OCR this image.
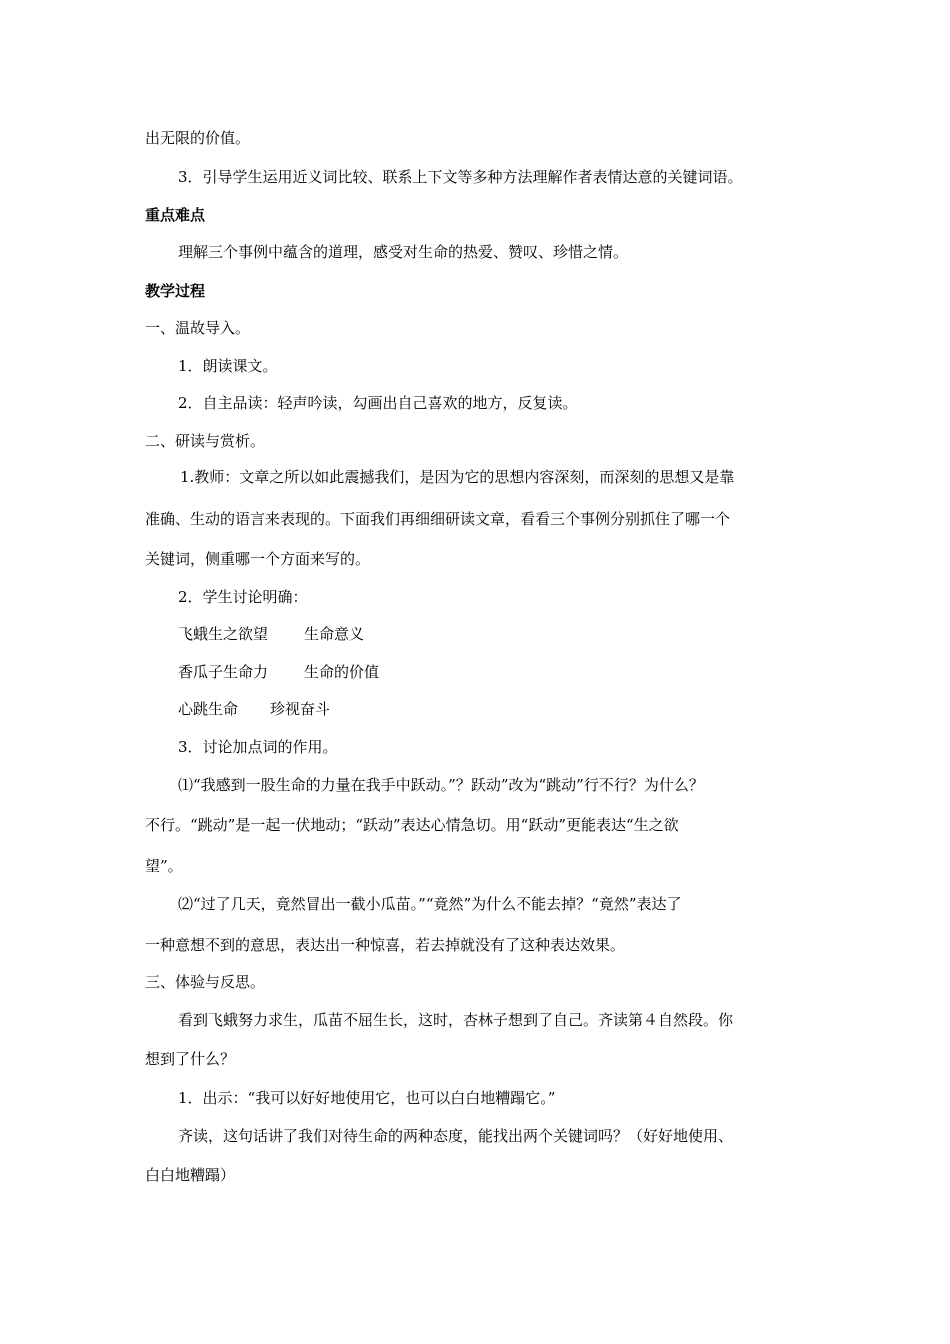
出无限的价值。
3．引导学生运用近义词比较、联系上下文等多种方法理解作者表情达意的关键词语。
重点难点
理解三个事例中蕴含的道理，感受对生命的热爱、赞叹、珍惜之情。
教学过程
一、温故导入。
1．朗读课文。
2．自主品读：轻声吟读，勾画出自己喜欢的地方，反复读。
二、研读与赏析。
1.教师：文章之所以如此震撼我们，是因为它的思想内容深刻，而深刻的思想又是靠
准确、生动的语言来表现的。下面我们再细细研读文章，看看三个事例分别抓住了哪一个
关键词，侧重哪一个方面来写的。
2．学生讨论明确：
飞蛾生之欲望 生命意义
香瓜子生命力 生命的价值
心跳生命 珍视奋斗
3．讨论加点词的作用。
⑴“我感到一股生命的力量在我手中跃动。”？跃动”改为“跳动”行不行？为什么？
不行。“跳动”是一起一伏地动；“跃动”表达心情急切。用“跃动”更能表达“生之欲
望”。
⑵“过了几天，竟然冒出一截小瓜苗。”“竟然”为什么不能去掉？“竟然”表达了
一种意想不到的意思，表达出一种惊喜，若去掉就没有了这种表达效果。
三、体验与反思。
看到飞蛾努力求生，瓜苗不屈生长，这时，杏林子想到了自己。齐读第４自然段。你
想到了什么？
1．出示：“我可以好好地使用它，也可以白白地糟蹋它。”
齐读，这句话讲了我们对待生命的两种态度，能找出两个关键词吗？（好好地使用、
白白地糟蹋）
